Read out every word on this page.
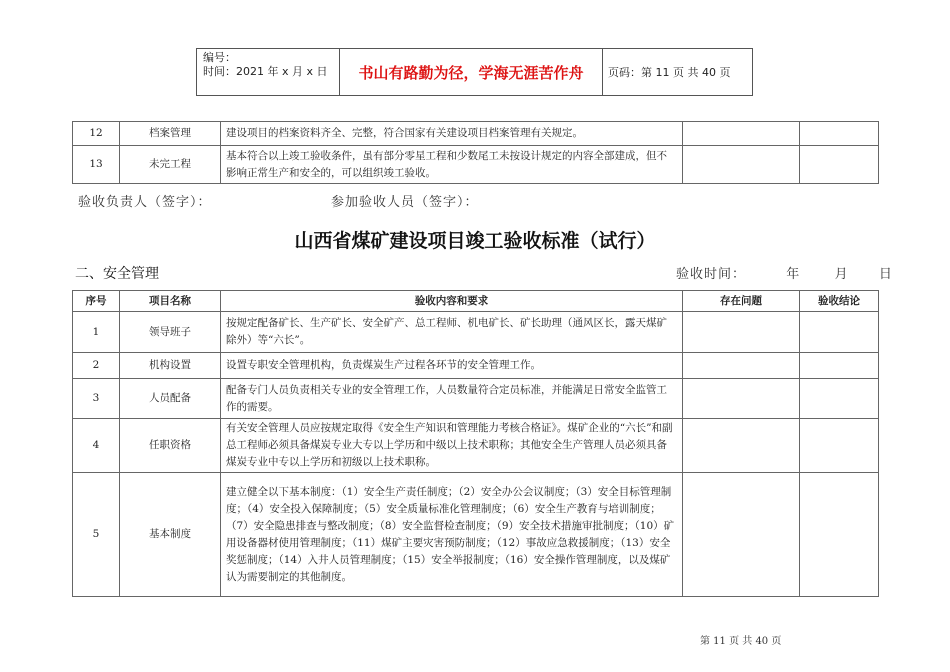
编号：
时间：2021 年 x 月 x 日	书山有路勤为径，学海无涯苦作舟	页码：第 11 页 共 40 页
12	档案管理	建设项目的档案资料齐全、完整，符合国家有关建设项目档案管理有关规定。		
13	未完工程	基本符合以上竣工验收条件，虽有部分零星工程和少数尾工未按设计规定的内容全部建成，但不影响正常生产和安全的，可以组织竣工验收。		
验收负责人（签字）：	参加验收人员（签字）：
山西省煤矿建设项目竣工验收标准（试行）
二、安全管理	验收时间：	年	月 日
序号	项目名称	验收内容和要求	存在问题	验收结论
1	领导班子	按规定配备矿长、生产矿长、安全矿产、总工程师、机电矿长、矿长助理（通风区长，露天煤矿除外）等“六长”。		
2	机构设置	设置专职安全管理机构，负责煤炭生产过程各环节的安全管理工作。		
3	人员配备	配备专门人员负责相关专业的安全管理工作，人员数量符合定员标准，并能满足日常安全监管工作的需要。		
4	任职资格	有关安全管理人员应按规定取得《安全生产知识和管理能力考核合格证》。煤矿企业的“六长”和副总工程师必须具备煤炭专业大专以上学历和中级以上技术职称；其他安全生产管理人员必须具备煤炭专业中专以上学历和初级以上技术职称。		
5	基本制度	建立健全以下基本制度：（1）安全生产责任制度；（2）安全办公会议制度；（3）安全目标管理制度；（4）安全投入保障制度；（5）安全质量标准化管理制度；（6）安全生产教育与培训制度；（7）安全隐患排查与整改制度；（8）安全监督检查制度；（9）安全技术措施审批制度；（10）矿用设备器材使用管理制度；（11）煤矿主要灾害预防制度；（12）事故应急救援制度；（13）安全奖惩制度；（14）入井人员管理制度；（15）安全举报制度；（16）安全操作管理制度，以及煤矿认为需要制定的其他制度。		
第 11 页 共 40 页
